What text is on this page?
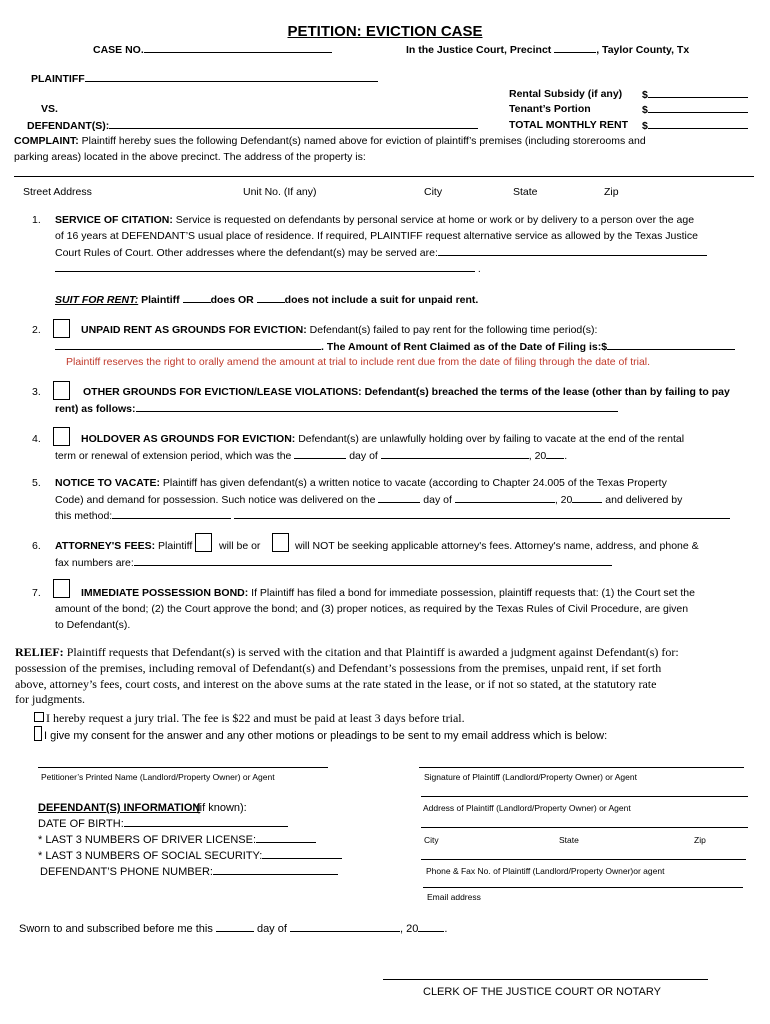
PETITION: EVICTION CASE
CASE NO.	In the Justice Court, Precinct	, Taylor County, Tx
PLAINTIFF
Rental Subsidy (if any) $
VS.	Tenant’s Portion	$
DEFENDANT(S):	TOTAL MONTHLY RENT $
COMPLAINT: Plaintiff hereby sues the following Defendant(s) named above for eviction of plaintiff’s premises (including storerooms and
parking areas) located in the above precinct. The address of the property is:
Street Address	Unit No. (If any)	City	State	Zip
1. SERVICE OF CITATION: Service is requested on defendants by personal service at home or work or by delivery to a person over the age
of 16 years at DEFENDANT’S usual place of residence. If required, PLAINTIFF request alternative service as allowed by the Texas Justice
Court Rules of Court. Other addresses where the defendant(s) may be served are:
.
SUIT FOR RENT: Plaintiff	does OR	does not include a suit for unpaid rent.
2.	UNPAID RENT AS GROUNDS FOR EVICTION: Defendant(s) failed to pay rent for the following time period(s):
. The Amount of Rent Claimed as of the Date of Filing is:$
Plaintiff reserves the right to orally amend the amount at trial to include rent due from the date of filing through the date of trial.
3.	OTHER GROUNDS FOR EVICTION/LEASE VIOLATIONS: Defendant(s) breached the terms of the lease (other than by failing to pay
rent) as follows:
4.	HOLDOVER AS GROUNDS FOR EVICTION: Defendant(s) are unlawfully holding over by failing to vacate at the end of the rental
term or renewal of extension period, which was the	day of	, 20 .
5. NOTICE TO VACATE: Plaintiff has given defendant(s) a written notice to vacate (according to Chapter 24.005 of the Texas Property
Code) and demand for possession. Such notice was delivered on the	day of	, 20	and delivered by
this method:
6. ATTORNEY'S FEES: Plaintiff	will be or	will NOT be seeking applicable attorney's fees. Attorney's name, address, and phone &
fax numbers are:
7.	IMMEDIATE POSSESSION BOND: If Plaintiff has filed a bond for immediate possession, plaintiff requests that: (1) the Court set the
amount of the bond; (2) the Court approve the bond; and (3) proper notices, as required by the Texas Rules of Civil Procedure, are given
to Defendant(s).
RELIEF: Plaintiff requests that Defendant(s) is served with the citation and that Plaintiff is awarded a judgment against Defendant(s) for:
possession of the premises, including removal of Defendant(s) and Defendant’s possessions from the premises, unpaid rent, if set forth
above, attorney’s fees, court costs, and interest on the above sums at the rate stated in the lease, or if not so stated, at the statutory rate
for judgments.
I hereby request a jury trial. The fee is $22 and must be paid at least 3 days before trial.
I give my consent for the answer and any other motions or pleadings to be sent to my email address which is below:
Petitioner’s Printed Name (Landlord/Property Owner) or Agent	Signature of Plaintiff (Landlord/Property Owner) or Agent
Address of Plaintiff (Landlord/Property Owner) or Agent
DEFENDANT(S) INFORMATION
(if known):
DATE OF BIRTH:
* LAST 3 NUMBERS OF DRIVER LICENSE:
* LAST 3 NUMBERS OF SOCIAL SECURITY:
DEFENDANT’S PHONE NUMBER:
City	State	Zip
Phone & Fax No. of Plaintiff (Landlord/Property Owner)or agent
Email address
Sworn to and subscribed before me this	day of	, 20 .
CLERK OF THE JUSTICE COURT OR NOTARY
